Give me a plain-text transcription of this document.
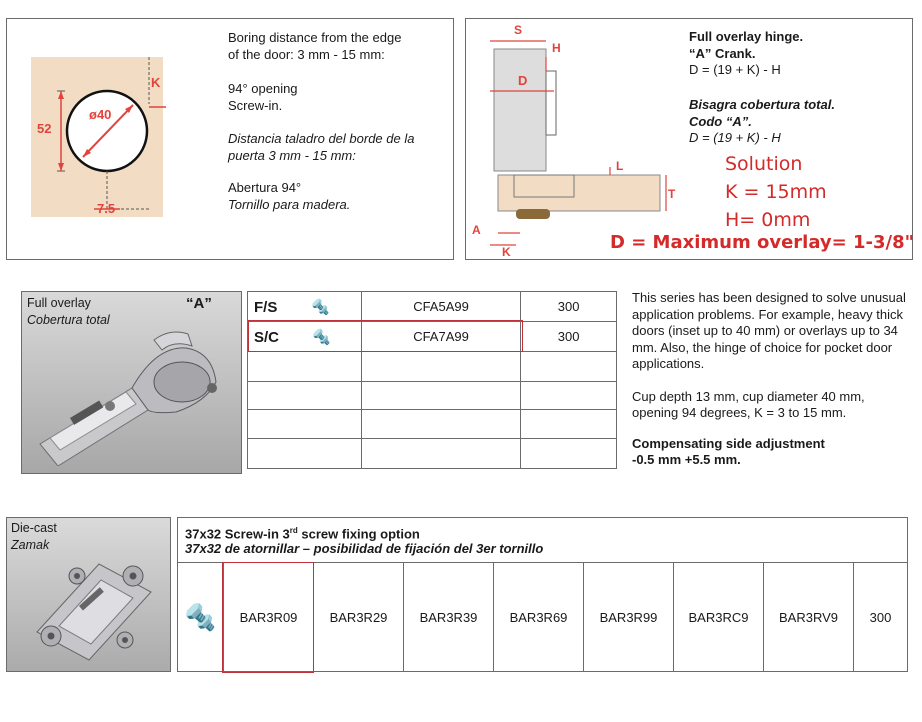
ø40
52
7.5
K
Boring distance from the edge
of the door: 3 mm - 15 mm:
94° opening
Screw-in.
Distancia taladro del borde de la
puerta 3 mm - 15 mm:
Abertura 94°
Tornillo para madera.
S
H
D
L
T
A
K
Full overlay hinge.
“A” Crank.
D = (19 + K) - H
Bisagra cobertura total.
Codo “A”.
D = (19 + K) - H
Solution
K = 15mm
H= 0mm
D = Maximum overlay= 1-3/8"
Full overlay
Cobertura total
“A”	F/S 🔩	CFA5A99	300
S/C 🔩	CFA7A99	300

This series has been designed to solve unusual application problems. For example, heavy thick doors (inset up to 40 mm) or overlays up to 34 mm. Also, the hinge of choice for pocket door applications.
Cup depth 13 mm, cup diameter 40 mm, opening 94 degrees, K = 3 to 15 mm.
Compensating side adjustment
-0.5 mm +5.5 mm.
Die-cast
Zamak
37x32 Screw-in 3rd screw fixing option
37x32 de atornillar – posibilidad de fijación del 3er tornillo
🔩	BAR3R09	BAR3R29	BAR3R39	BAR3R69	BAR3R99	BAR3RC9	BAR3RV9	300
